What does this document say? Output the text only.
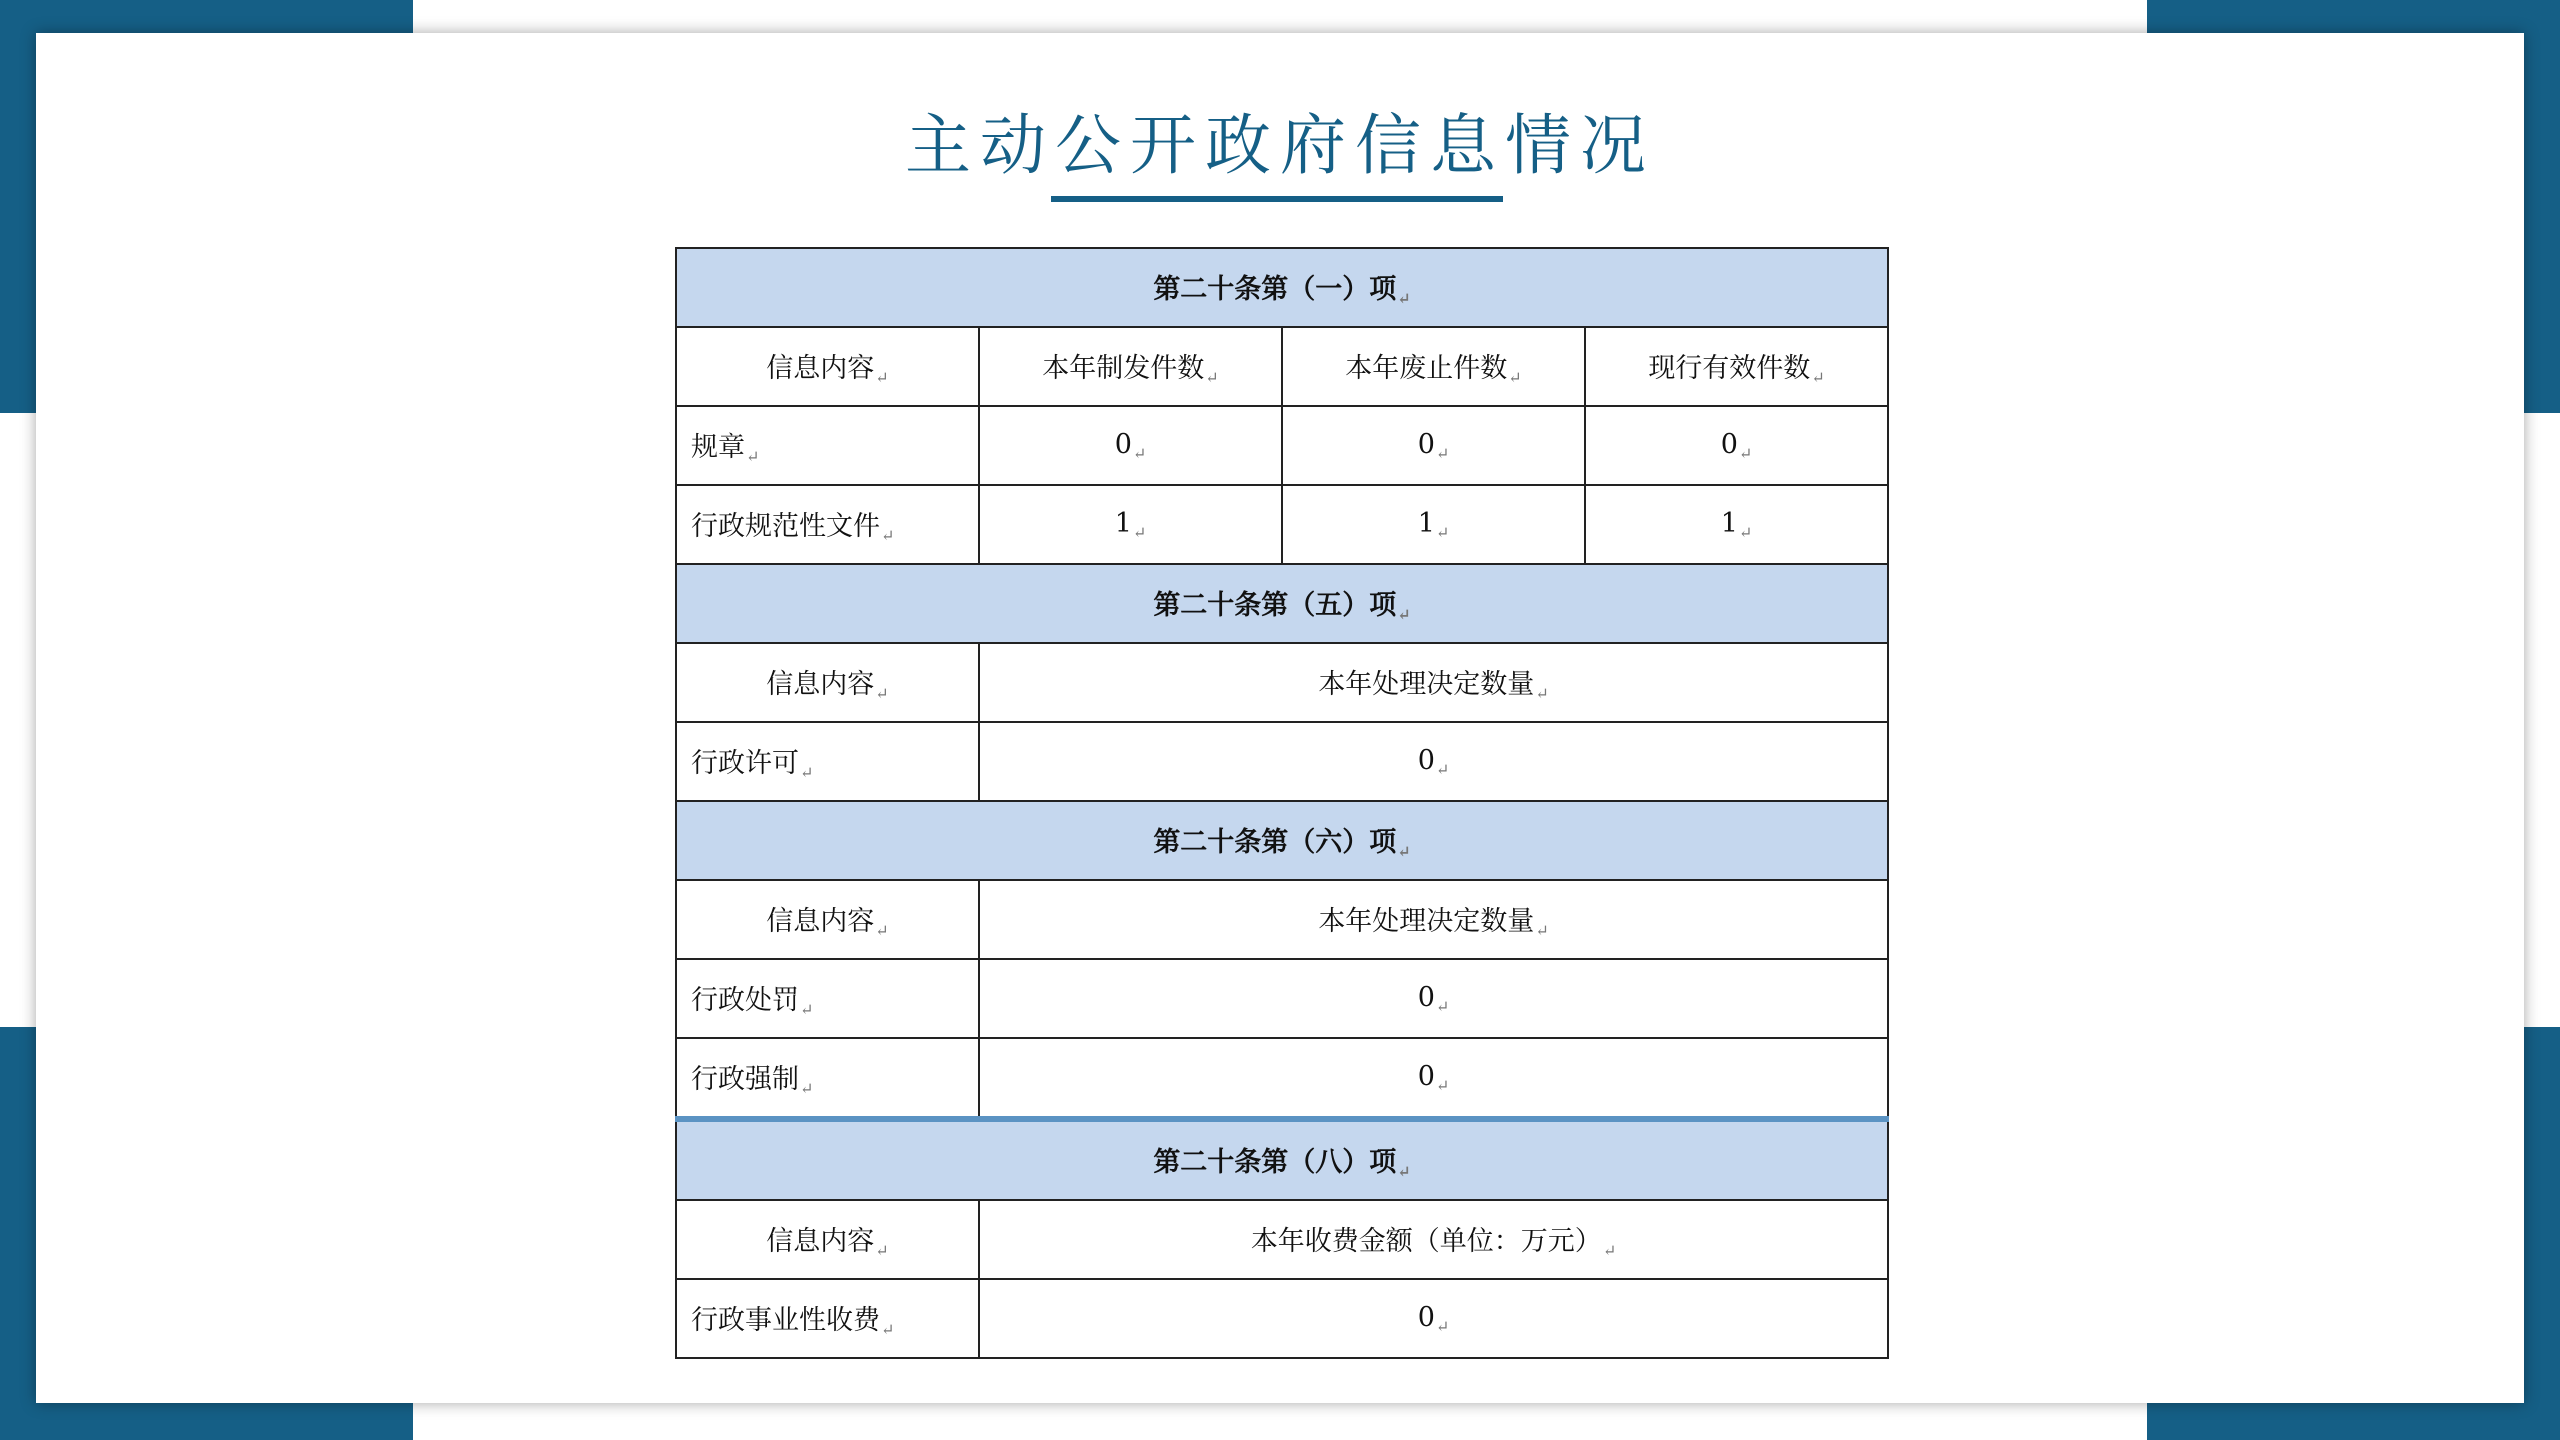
主动公开政府信息情况
第二十条第（一）项↵			
信息内容↵	本年制发件数↵	本年废止件数↵	现行有效件数↵
规章↵	0↵	0↵	0↵
行政规范性文件↵	1↵	1↵	1↵
第二十条第（五）项↵			
信息内容↵	本年处理决定数量↵		
行政许可↵	0↵		
第二十条第（六）项↵			
信息内容↵	本年处理决定数量↵		
行政处罚↵	0↵		
行政强制↵	0↵		
第二十条第（八）项↵			
信息内容↵	本年收费金额（单位：万元）↵		
行政事业性收费↵	0↵		
